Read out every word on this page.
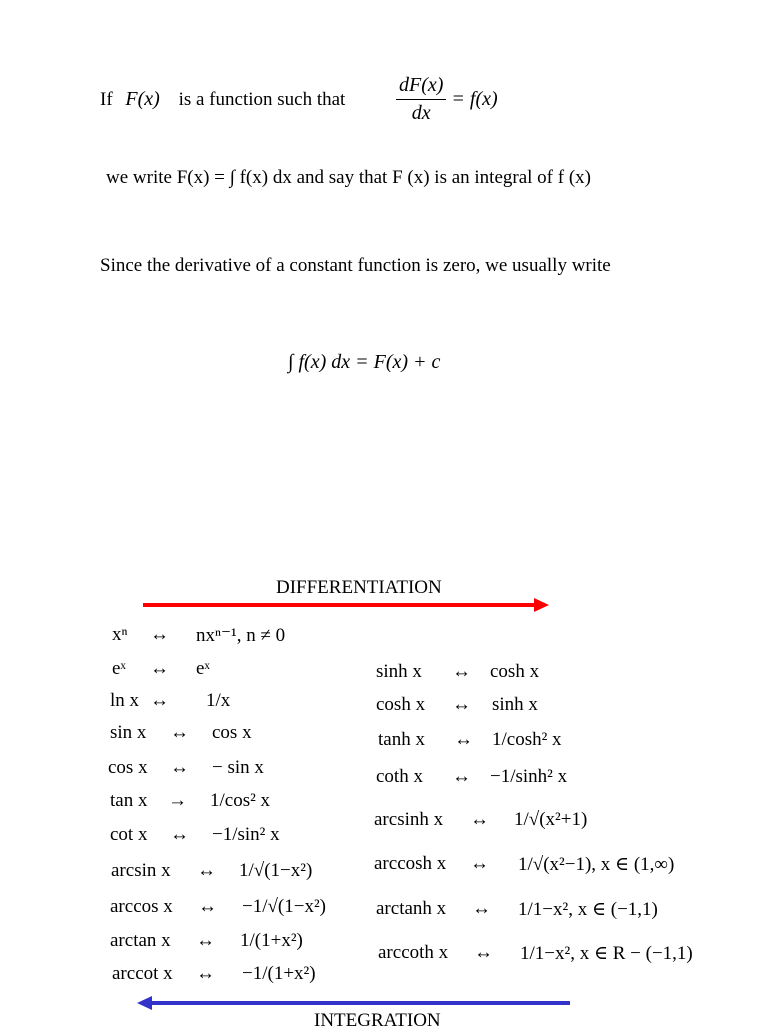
If F(x) is a function such that	$\frac{dF(x)}{dx} = f(x)$
we write F(x) = ∫ f(x) dx and say that F (x) is an integral of f (x)
Since the derivative of a constant function is zero, we usually write
∫ f(x) dx = F(x) + c
DIFFERENTIATION
xⁿ ↔ nxⁿ⁻¹, n ≠ 0
eˣ ↔ eˣ
ln x ↔ 1/x
sin x ↔ cos x
cos x ↔ − sin x
tan x → 1/cos² x
cot x ↔ −1/sin² x
arcsin x ↔ 1/√(1−x²)
arccos x ↔ −1/√(1−x²)
arctan x ↔ 1/(1+x²)
arccot x ↔ −1/(1+x²)
sinh x ↔ cosh x
cosh x ↔ sinh x
tanh x ↔ 1/cosh² x
coth x ↔ −1/sinh² x
arcsinh x ↔ 1/√(x²+1)
arccosh x ↔ 1/√(x²−1), x ∈ (1,∞)
arctanh x ↔ 1/1−x², x ∈ (−1,1)
arccoth x ↔ 1/1−x², x ∈ R − (−1,1)
INTEGRATION
